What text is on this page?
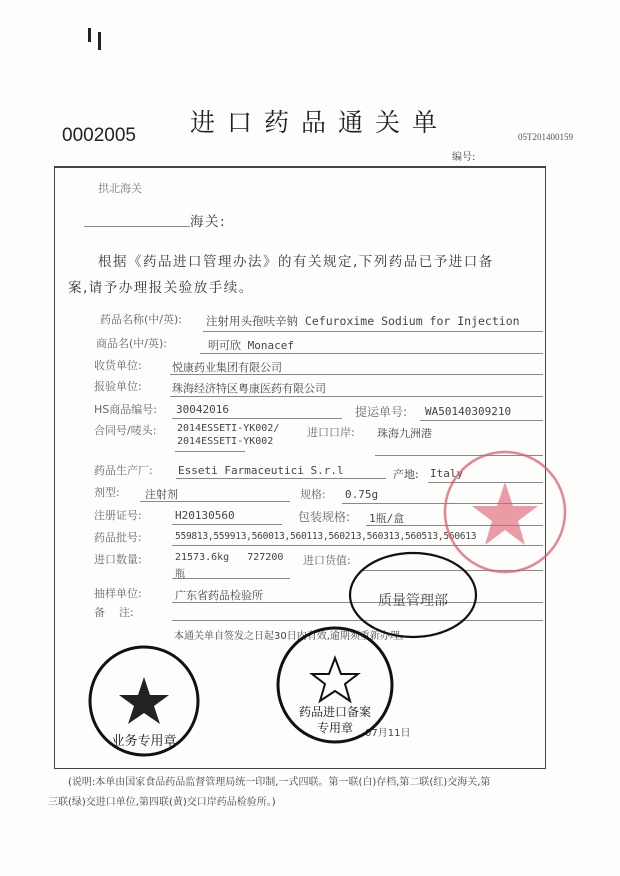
进口药品通关单
0002005	05T201400159
编号:
拱北海关
海关:
根据《药品进口管理办法》的有关规定,下列药品已予进口备
案,请予办理报关验放手续。
药品名称(中/英): 注射用头孢呋辛钠 Cefuroxime Sodium for Injection
商品名(中/英):	明可欣 Monacef
收货单位:	悦康药业集团有限公司
报验单位:	珠海经济特区粤康医药有限公司
HS商品编号: 30042016	提运单号: WA50140309210
合同号/唛头: 2014ESSETI-YK002/
2014ESSETI-YK002
进口口岸: 珠海九洲港
药品生产厂: Esseti Farmaceutici S.r.l	产地: Italy
剂型: 注射剂	规格: 0.75g
注册证号:	H20130560	包装规格: 1瓶/盒
药品批号:	559813,559913,560013,560113,560213,560313,560513,560613
进口数量:	21573.6kg   727200
瓶
进口货值:
抽样单位:	广东省药品检验所
备    注:
本通关单自签发之日起30日内有效,逾期须重新办理。
07月11日
质量管理部
业务专用章
药品进口备案
专用章
(说明:本单由国家食品药品监督管理局统一印制,一式四联。第一联(白)存档,第二联(红)交海关,第
三联(绿)交进口单位,第四联(黄)交口岸药品检验所。)
